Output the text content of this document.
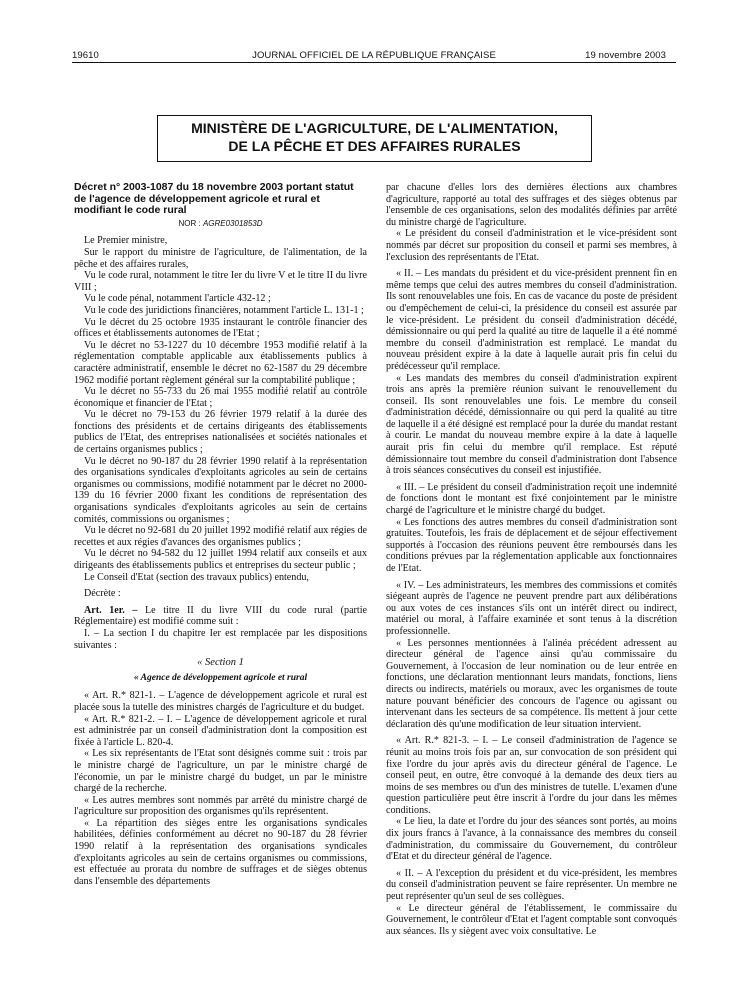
19610	JOURNAL OFFICIEL DE LA RÉPUBLIQUE FRANÇAISE	19 novembre 2003
MINISTÈRE DE L'AGRICULTURE, DE L'ALIMENTATION,
DE LA PÊCHE ET DES AFFAIRES RURALES

Décret n° 2003-1087 du 18 novembre 2003 portant statut de l'agence de développement agricole et rural et modifiant le code rural

NOR : AGRE0301853D

Le Premier ministre,

Sur le rapport du ministre de l'agriculture, de l'alimentation, de la pêche et des affaires rurales,

Vu le code rural, notamment le titre Ier du livre V et le titre II du livre VIII ;

Vu le code pénal, notamment l'article 432-12 ;

Vu le code des juridictions financières, notamment l'article L. 131-1 ;

Vu le décret du 25 octobre 1935 instaurant le contrôle financier des offices et établissements autonomes de l'Etat ;

Vu le décret no 53-1227 du 10 décembre 1953 modifié relatif à la réglementation comptable applicable aux établissements publics à caractère administratif, ensemble le décret no 62-1587 du 29 décembre 1962 modifié portant règlement général sur la comptabilité publique ;

Vu le décret no 55-733 du 26 mai 1955 modifié relatif au contrôle économique et financier de l'Etat ;

Vu le décret no 79-153 du 26 février 1979 relatif à la durée des fonctions des présidents et de certains dirigeants des établissements publics de l'Etat, des entreprises nationalisées et sociétés nationales et de certains organismes publics ;

Vu le décret no 90-187 du 28 février 1990 relatif à la représentation des organisations syndicales d'exploitants agricoles au sein de certains organismes ou commissions, modifié notamment par le décret no 2000-139 du 16 février 2000 fixant les conditions de représentation des organisations syndicales d'exploitants agricoles au sein de certains comités, commissions ou organismes ;

Vu le décret no 92-681 du 20 juillet 1992 modifié relatif aux régies de recettes et aux régies d'avances des organismes publics ;

Vu le décret no 94-582 du 12 juillet 1994 relatif aux conseils et aux dirigeants des établissements publics et entreprises du secteur public ;

Le Conseil d'Etat (section des travaux publics) entendu,

Décrète :

Art. 1er. – Le titre II du livre VIII du code rural (partie Réglementaire) est modifié comme suit :

I. – La section I du chapitre Ier est remplacée par les dispositions suivantes :

« Section 1

« Agence de développement agricole et rural

« Art. R.* 821-1. – L'agence de développement agricole et rural est placée sous la tutelle des ministres chargés de l'agriculture et du budget.

« Art. R.* 821-2. – I. – L'agence de développement agricole et rural est administrée par un conseil d'administration dont la composition est fixée à l'article L. 820-4.

« Les six représentants de l'Etat sont désignés comme suit : trois par le ministre chargé de l'agriculture, un par le ministre chargé de l'économie, un par le ministre chargé du budget, un par le ministre chargé de la recherche.

« Les autres membres sont nommés par arrêté du ministre chargé de l'agriculture sur proposition des organismes qu'ils représentent.

« La répartition des sièges entre les organisations syndicales habilitées, définies conformément au décret no 90-187 du 28 février 1990 relatif à la représentation des organisations syndicales d'exploitants agricoles au sein de certains organismes ou commissions, est effectuée au prorata du nombre de suffrages et de sièges obtenus dans l'ensemble des départements

par chacune d'elles lors des dernières élections aux chambres d'agriculture, rapporté au total des suffrages et des sièges obtenus par l'ensemble de ces organisations, selon des modalités définies par arrêté du ministre chargé de l'agriculture.

« Le président du conseil d'administration et le vice-président sont nommés par décret sur proposition du conseil et parmi ses membres, à l'exclusion des représentants de l'Etat.

« II. – Les mandats du président et du vice-président prennent fin en même temps que celui des autres membres du conseil d'administration. Ils sont renouvelables une fois. En cas de vacance du poste de président ou d'empêchement de celui-ci, la présidence du conseil est assurée par le vice-président. Le président du conseil d'administration décédé, démissionnaire ou qui perd la qualité au titre de laquelle il a été nommé membre du conseil d'administration est remplacé. Le mandat du nouveau président expire à la date à laquelle aurait pris fin celui du prédécesseur qu'il remplace.

« Les mandats des membres du conseil d'administration expirent trois ans après la première réunion suivant le renouvellement du conseil. Ils sont renouvelables une fois. Le membre du conseil d'administration décédé, démissionnaire ou qui perd la qualité au titre de laquelle il a été désigné est remplacé pour la durée du mandat restant à courir. Le mandat du nouveau membre expire à la date à laquelle aurait pris fin celui du membre qu'il remplace. Est réputé démissionnaire tout membre du conseil d'administration dont l'absence à trois séances consécutives du conseil est injustifiée.

« III. – Le président du conseil d'administration reçoit une indemnité de fonctions dont le montant est fixé conjointement par le ministre chargé de l'agriculture et le ministre chargé du budget.

« Les fonctions des autres membres du conseil d'administration sont gratuites. Toutefois, les frais de déplacement et de séjour effectivement supportés à l'occasion des réunions peuvent être remboursés dans les conditions prévues par la réglementation applicable aux fonctionnaires de l'Etat.

« IV. – Les administrateurs, les membres des commissions et comités siégeant auprès de l'agence ne peuvent prendre part aux délibérations ou aux votes de ces instances s'ils ont un intérêt direct ou indirect, matériel ou moral, à l'affaire examinée et sont tenus à la discrétion professionnelle.

« Les personnes mentionnées à l'alinéa précédent adressent au directeur général de l'agence ainsi qu'au commissaire du Gouvernement, à l'occasion de leur nomination ou de leur entrée en fonctions, une déclaration mentionnant leurs mandats, fonctions, liens directs ou indirects, matériels ou moraux, avec les organismes de toute nature pouvant bénéficier des concours de l'agence ou agissant ou intervenant dans les secteurs de sa compétence. Ils mettent à jour cette déclaration dès qu'une modification de leur situation intervient.

« Art. R.* 821-3. – I. – Le conseil d'administration de l'agence se réunit au moins trois fois par an, sur convocation de son président qui fixe l'ordre du jour après avis du directeur général de l'agence. Le conseil peut, en outre, être convoqué à la demande des deux tiers au moins de ses membres ou d'un des ministres de tutelle. L'examen d'une question particulière peut être inscrit à l'ordre du jour dans les mêmes conditions.

« Le lieu, la date et l'ordre du jour des séances sont portés, au moins dix jours francs à l'avance, à la connaissance des membres du conseil d'administration, du commissaire du Gouvernement, du contrôleur d'Etat et du directeur général de l'agence.

« II. – A l'exception du président et du vice-président, les membres du conseil d'administration peuvent se faire représenter. Un membre ne peut représenter qu'un seul de ses collègues.

« Le directeur général de l'établissement, le commissaire du Gouvernement, le contrôleur d'Etat et l'agent comptable sont convoqués aux séances. Ils y siègent avec voix consultative. Le
